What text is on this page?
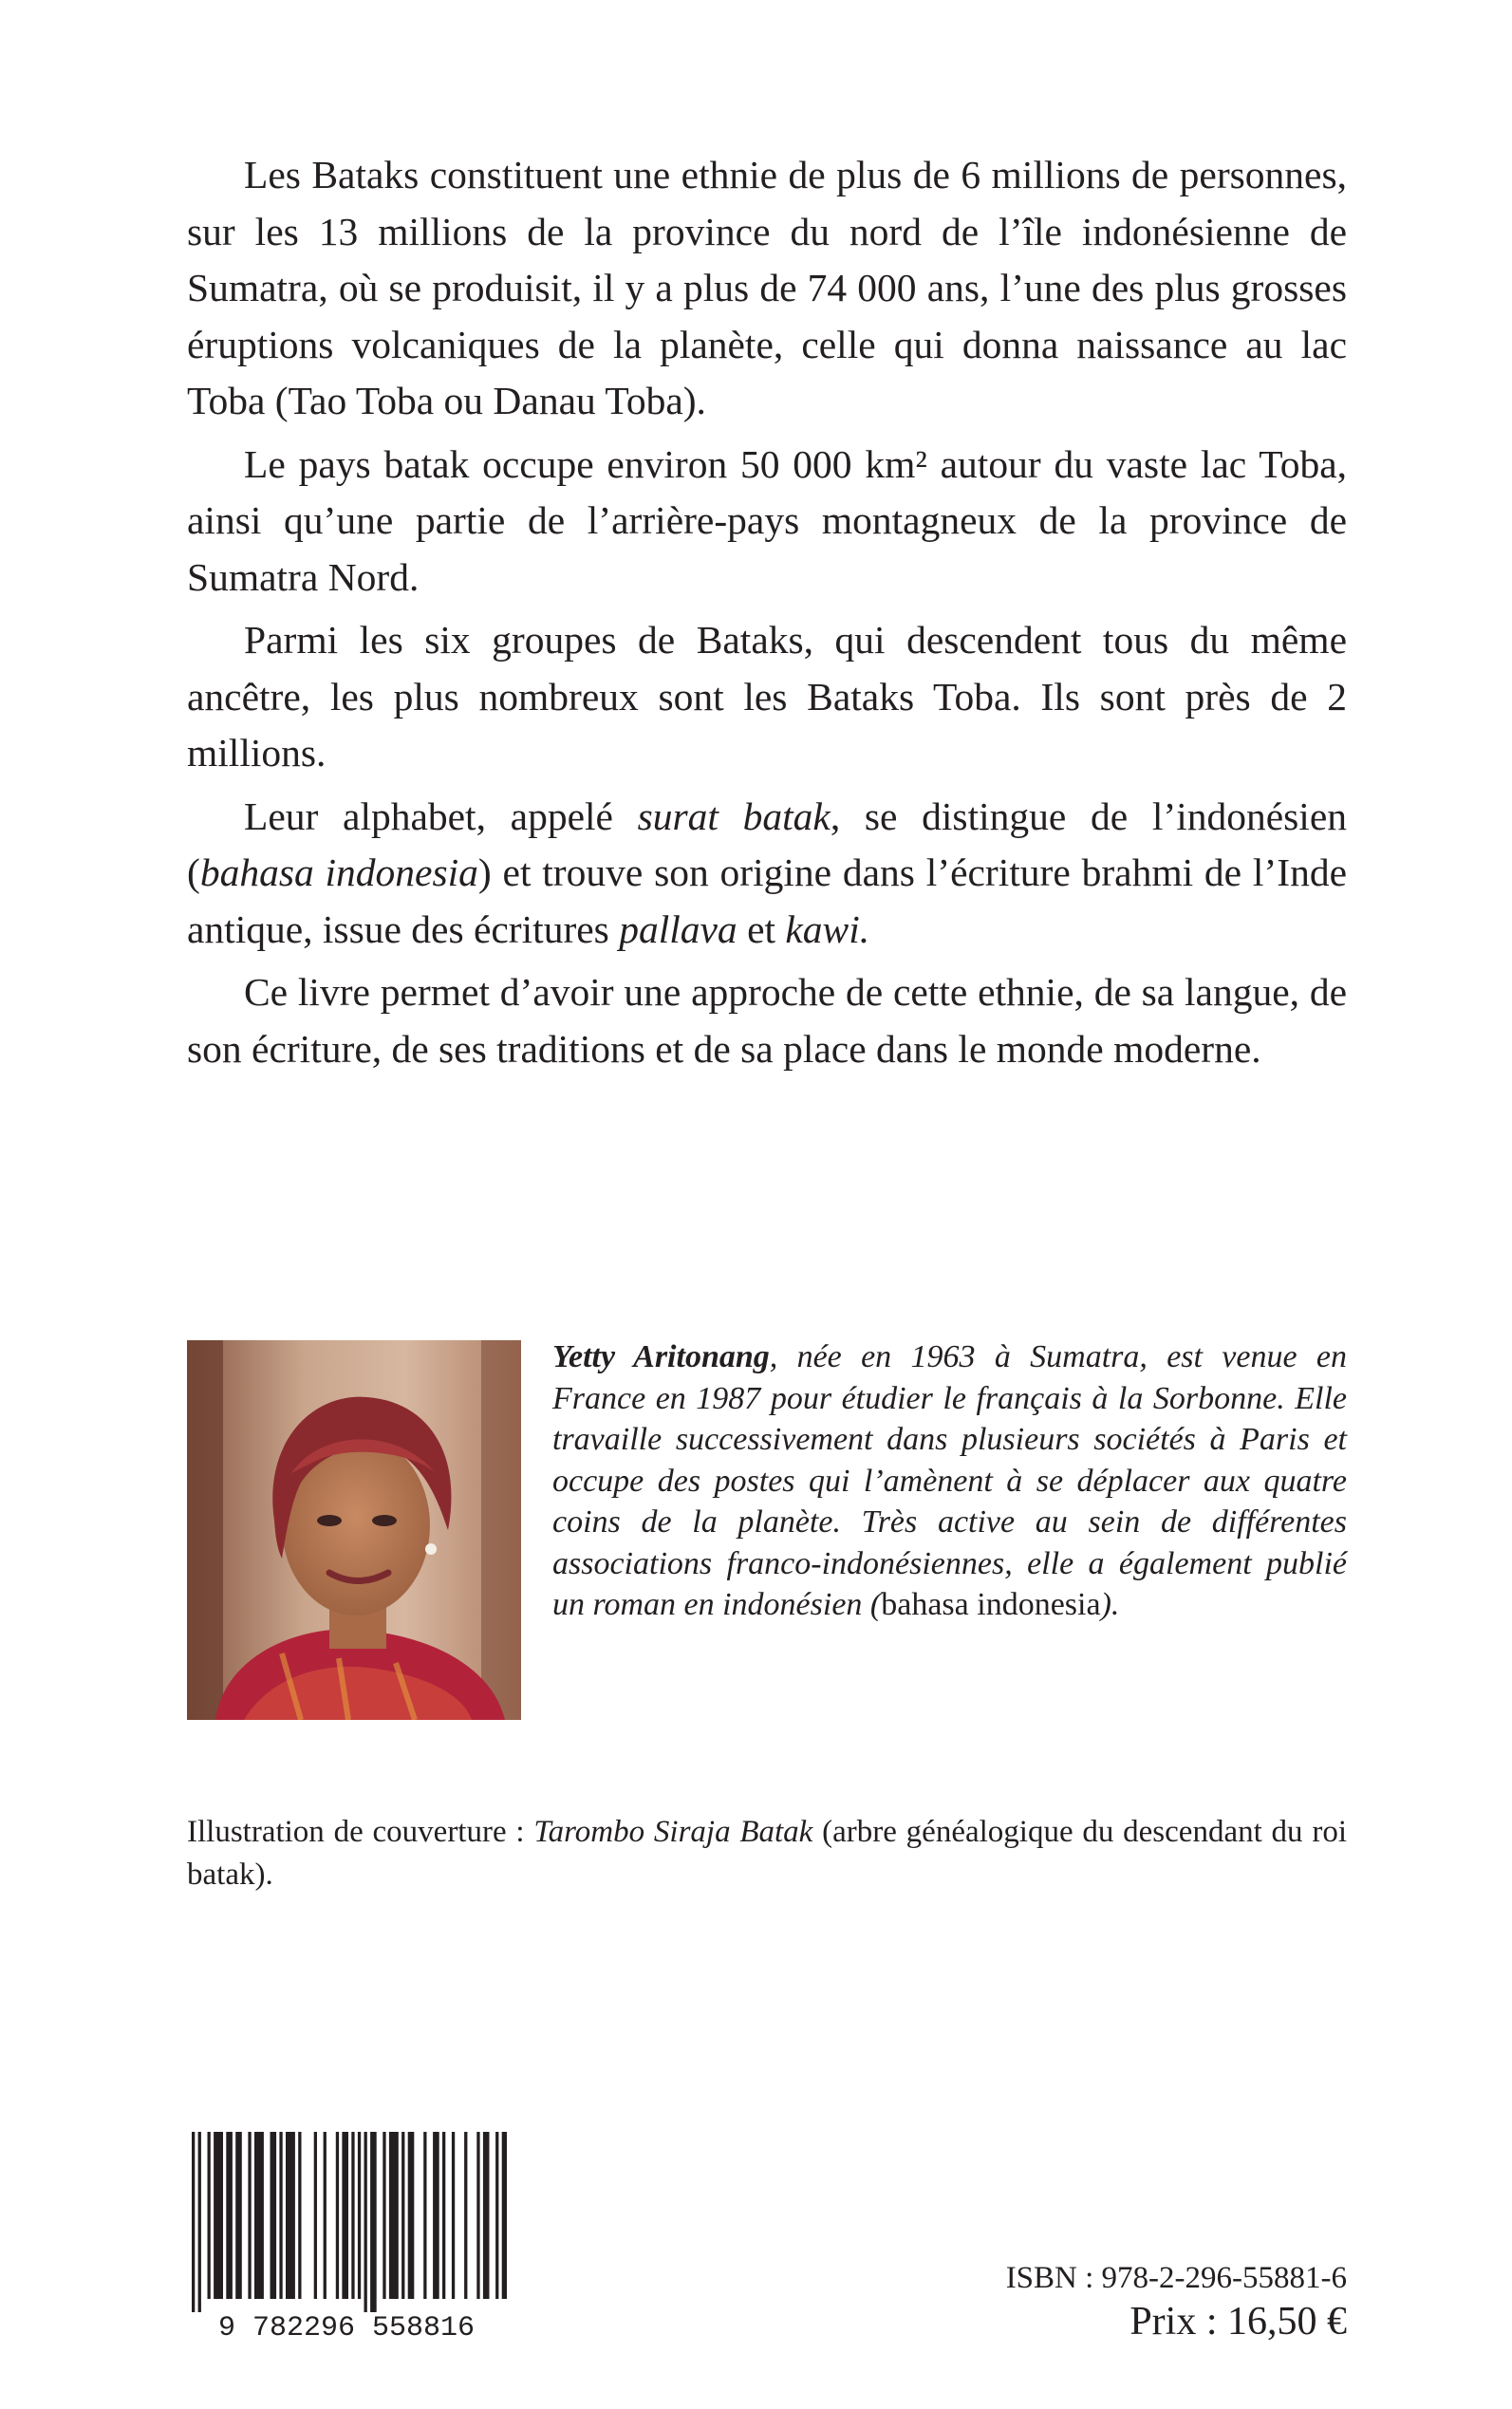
Les Bataks constituent une ethnie de plus de 6 millions de personnes, sur les 13 millions de la province du nord de l’île indonésienne de Sumatra, où se produisit, il y a plus de 74 000 ans, l’une des plus grosses éruptions volcaniques de la planète, celle qui donna naissance au lac Toba (Tao Toba ou Danau Toba).

Le pays batak occupe environ 50 000 km² autour du vaste lac Toba, ainsi qu’une partie de l’arrière-pays montagneux de la province de Sumatra Nord.

Parmi les six groupes de Bataks, qui descendent tous du même ancêtre, les plus nombreux sont les Bataks Toba. Ils sont près de 2 millions.

Leur alphabet, appelé surat batak, se distingue de l’indonésien (bahasa indonesia) et trouve son origine dans l’écriture brahmi de l’Inde antique, issue des écritures pallava et kawi.

Ce livre permet d’avoir une approche de cette ethnie, de sa langue, de son écriture, de ses traditions et de sa place dans le monde moderne.

Yetty Aritonang, née en 1963 à Sumatra, est venue en France en 1987 pour étudier le français à la Sorbonne. Elle travaille successivement dans plusieurs sociétés à Paris et occupe des postes qui l’amènent à se déplacer aux quatre coins de la planète. Très active au sein de différentes associations franco-indonésiennes, elle a également publié un roman en indonésien (bahasa indonesia).

Illustration de couverture : Tarombo Siraja Batak (arbre généalogique du descendant du roi batak).

9 782296 558816
ISBN : 978-2-296-55881-6
Prix : 16,50 €
